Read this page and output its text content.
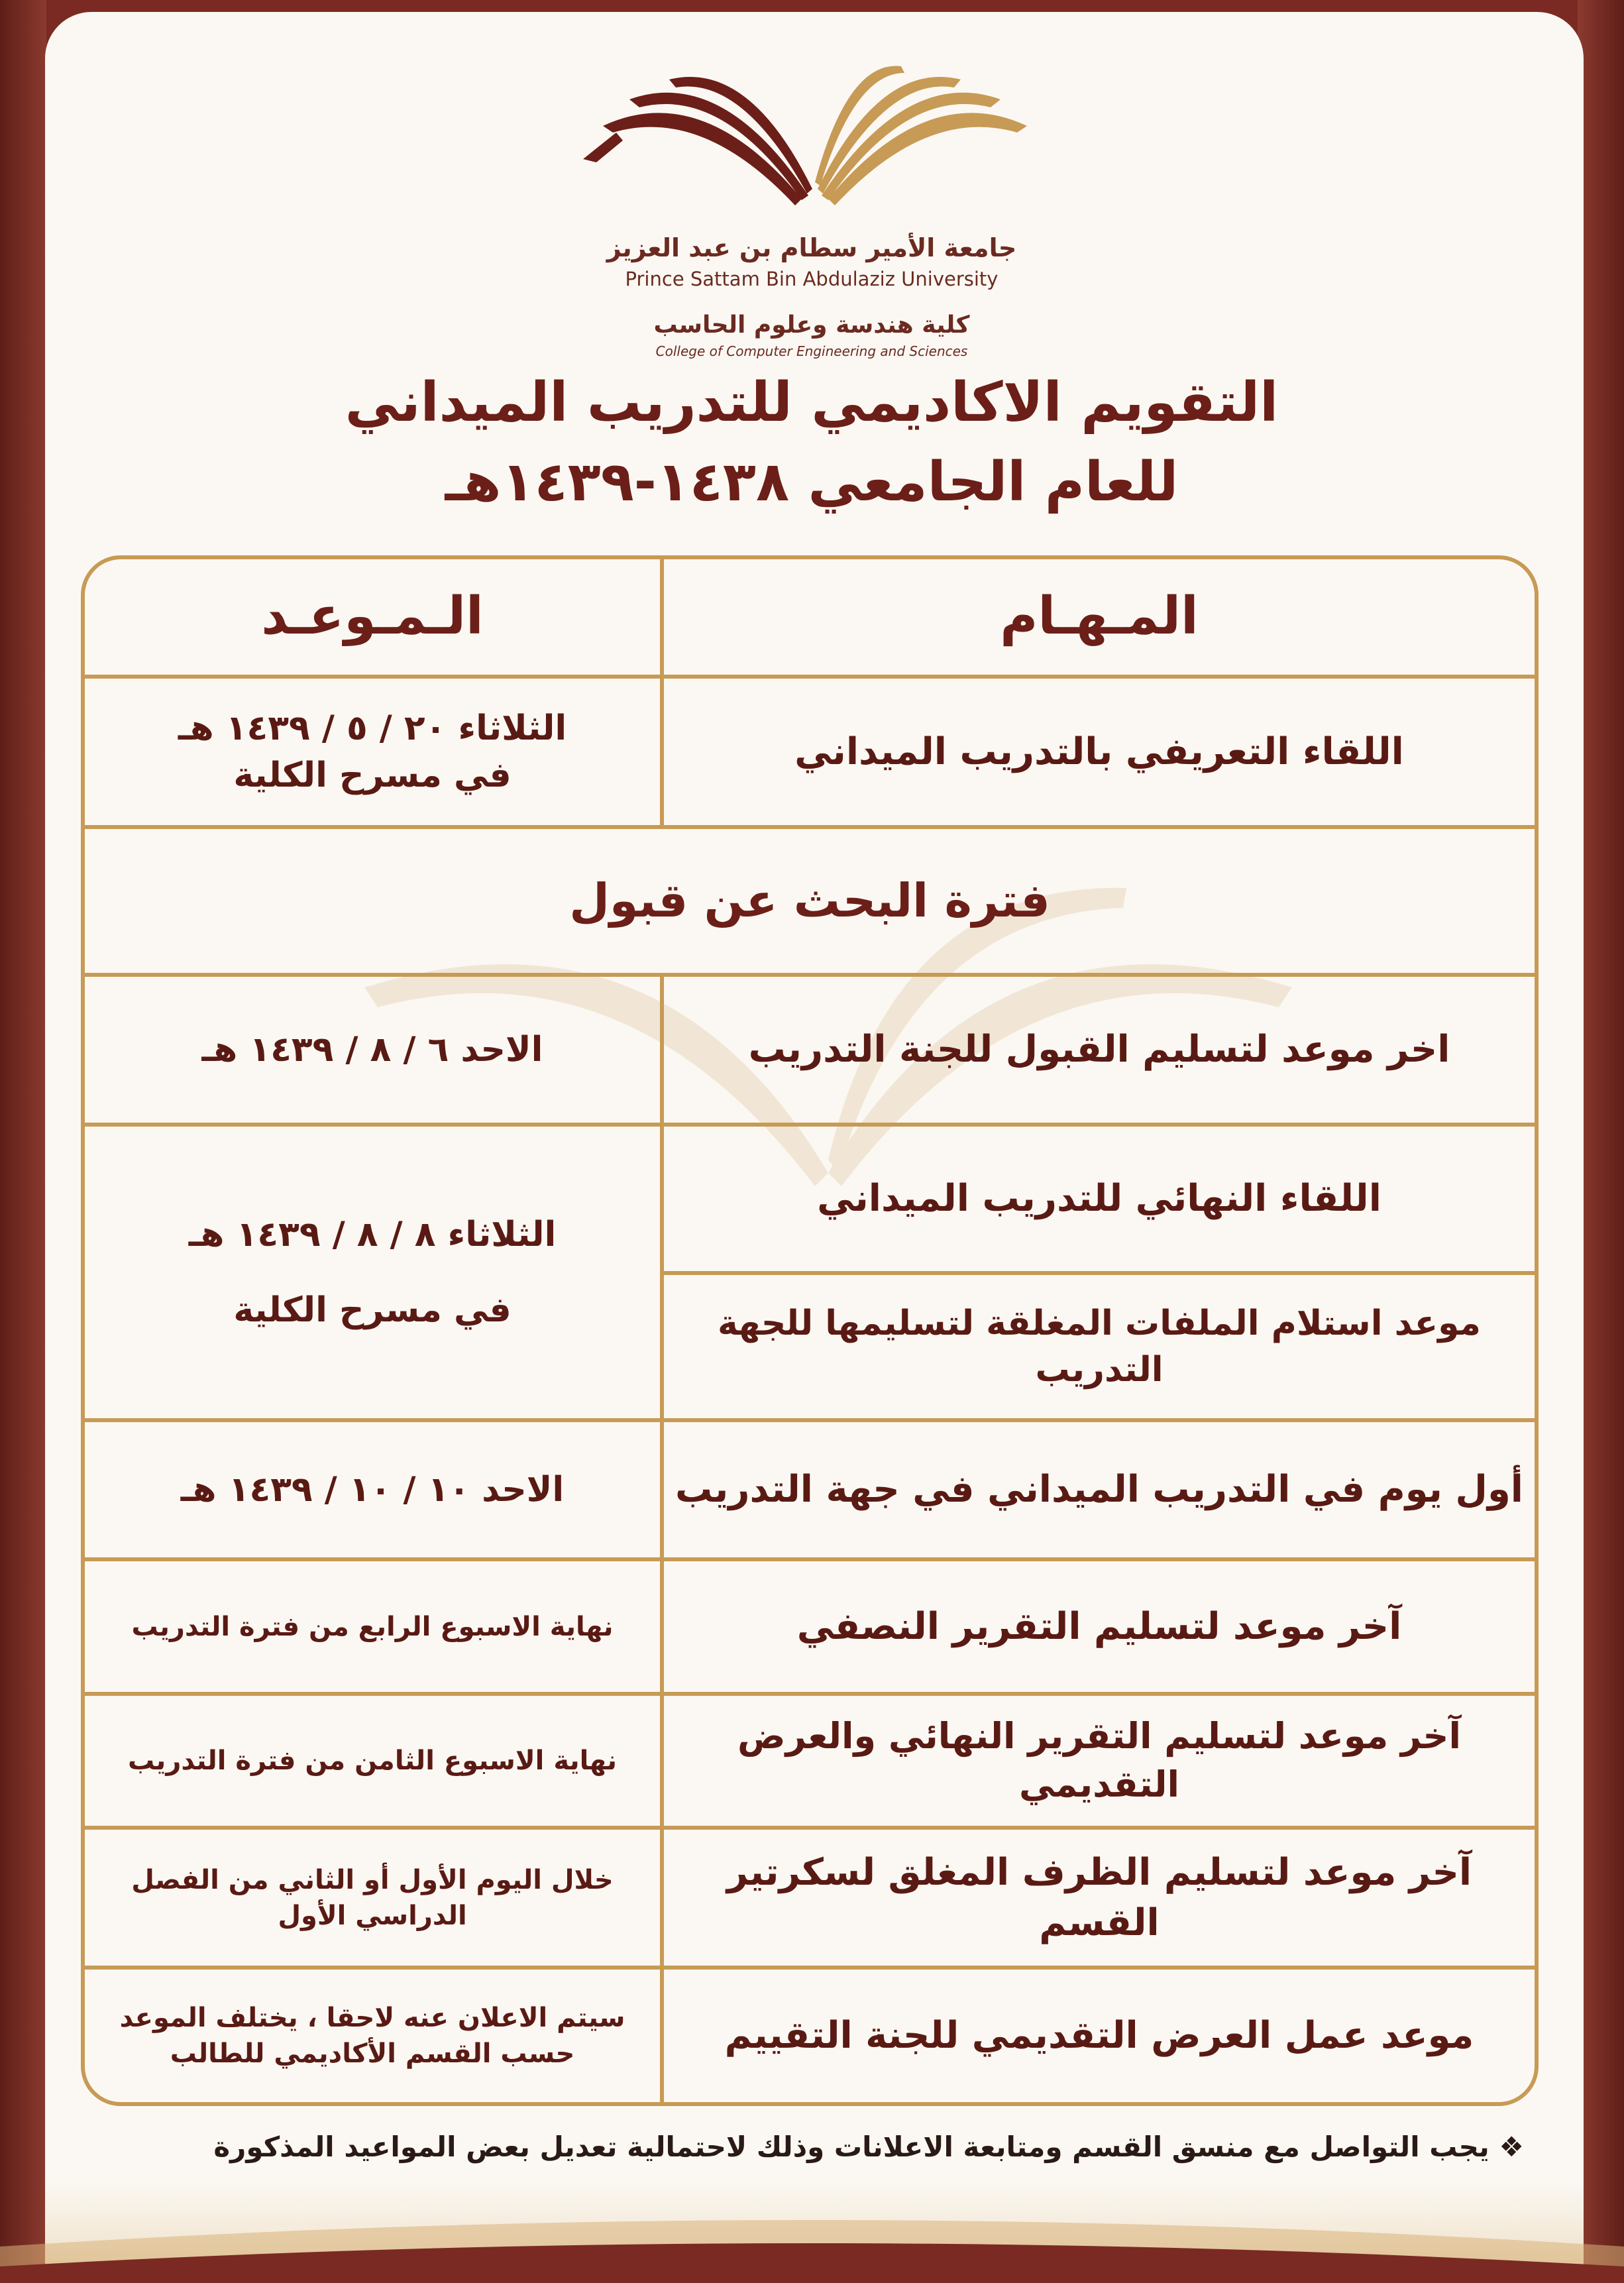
جامعة الأمير سطام بن عبد العزيز
Prince Sattam Bin Abdulaziz University
كلية هندسة وعلوم الحاسب
College of Computer Engineering and Sciences
التقويم الاكاديمي للتدريب الميداني
للعام الجامعي ١٤٣٨-١٤٣٩هـ
المـهـام
الـمـوعـد
اللقاء التعريفي بالتدريب الميداني
الثلاثاء ٢٠ / ٥ / ١٤٣٩ هـ
في مسرح الكلية
فترة البحث عن قبول
اخر موعد لتسليم القبول للجنة التدريب
الاحد ٦ / ٨ / ١٤٣٩ هـ
اللقاء النهائي للتدريب الميداني
موعد استلام الملفات المغلقة لتسليمها للجهة التدريب
الثلاثاء ٨ / ٨ / ١٤٣٩ هـ
في مسرح الكلية
أول يوم في التدريب الميداني في جهة التدريب
الاحد ١٠ / ١٠ / ١٤٣٩ هـ
آخر موعد لتسليم التقرير النصفي
نهاية الاسبوع الرابع من فترة التدريب
آخر موعد لتسليم التقرير النهائي والعرض التقديمي
نهاية الاسبوع الثامن من فترة التدريب
آخر موعد لتسليم الظرف المغلق لسكرتير القسم
خلال اليوم الأول أو الثاني من الفصل
الدراسي الأول
موعد عمل العرض التقديمي للجنة التقييم
سيتم الاعلان عنه لاحقا ، يختلف الموعد
حسب القسم الأكاديمي للطالب
❖ يجب التواصل مع منسق القسم ومتابعة الاعلانات وذلك لاحتمالية تعديل بعض المواعيد المذكورة
